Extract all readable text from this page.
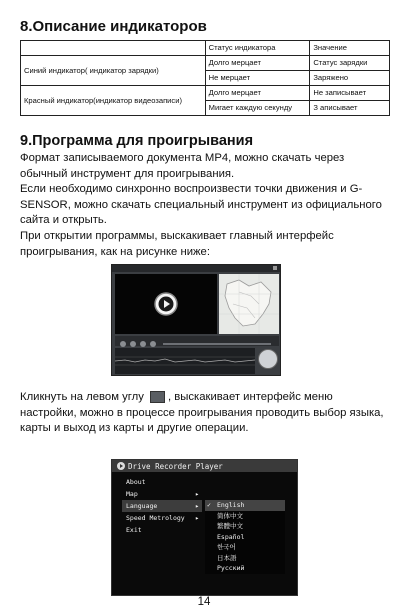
8.Описание индикаторов
	Статус индикатора	Значение
Синий индикатор( индикатор зарядки)	Долго мерцает	Статус зарядки
	Не мерцает	Заряжено
Красный индикатор(индикатор видеозаписи)	Долго мерцает	Не записывает
	Мигает каждую секунду	З аписывает
9.Программа для проигрывания

Формат записываемого документа MP4, можно скачать через обычный инструмент для проигрывания.

Если необходимо синхронно воспроизвести точки движения и G-SENSOR, можно скачать специальный инструмент из официального сайта и открыть.

При открытии программы, выскакивает главный интерфейс проигрывания, как на рисунке ниже:

Кликнуть на левом углу , выскакивает интерфейс меню настройки, можно в процессе проигрывания проводить выбор языка, карты и выход из карты и другие операции.

Drive Recorder Player
About
Map	▸
Language	▸
Speed Metrology ▸
Exit
✓ English
简体中文
繁體中文
Español
한국어
日本語
Русский
14
